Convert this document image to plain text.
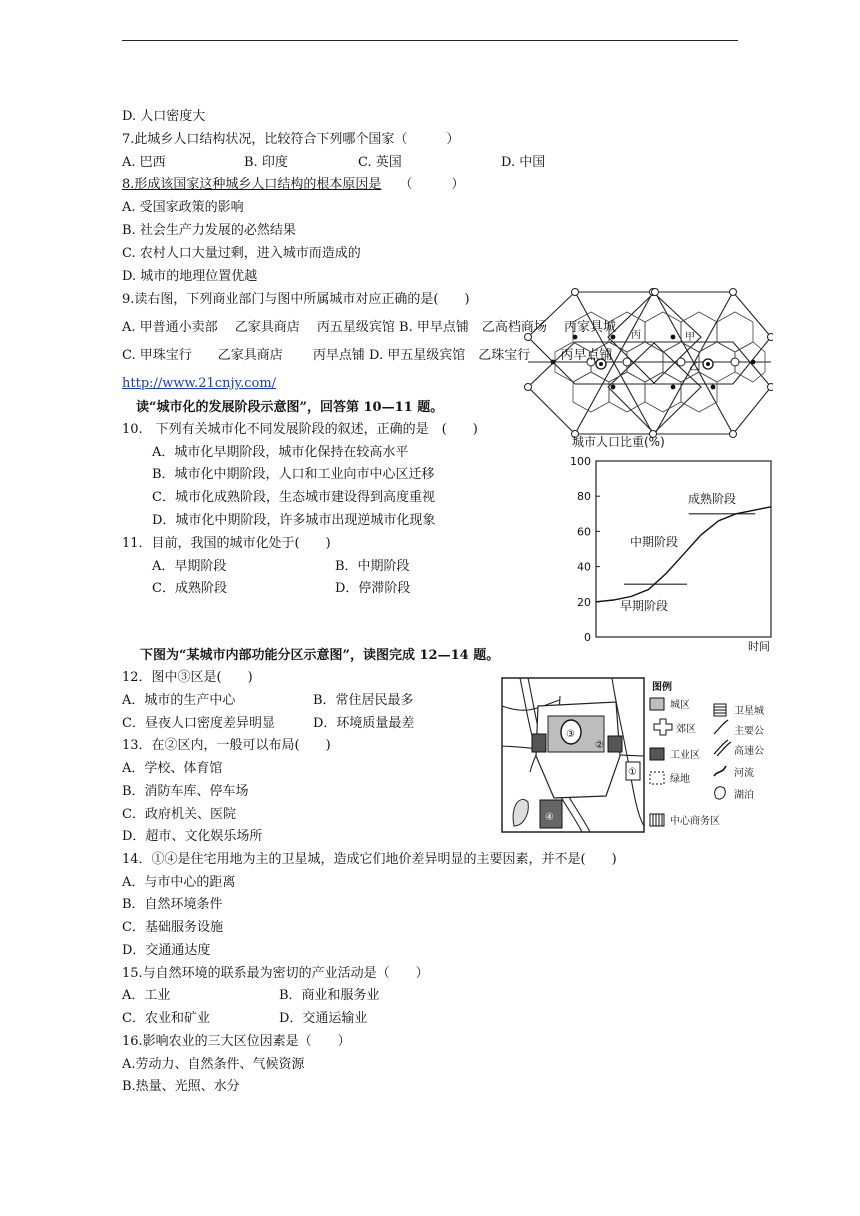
D. 人口密度大
7.此城乡人口结构状况，比较符合下列哪个国家（　　　）
A. 巴西	B. 印度	C. 英国	D. 中国
8.形成该国家这种城乡人口结构的根本原因是 （　　　）
A. 受国家政策的影响
B. 社会生产力发展的必然结果
C. 农村人口大量过剩，进入城市而造成的
D. 城市的地理位置优越
丙	甲
乙
9.读右图，下列商业部门与图中所属城市对应正确的是(　　)
A. 甲普通小卖部　 乙家具商店　 丙五星级宾馆 B. 甲早点铺　乙高档商场　 丙家具城
C. 甲珠宝行　　乙家具商店　　 丙早点铺 D. 甲五星级宾馆　乙珠宝行　　 丙早点铺
http://www.21cnjy.com/
读“城市化的发展阶段示意图”，回答第 10—11 题。
10.　下列有关城市化不同发展阶段的叙述，正确的是　(　　)
A．城市化早期阶段，城市化保持在较高水平
B．城市化中期阶段，人口和工业向市中心区迁移
C．城市化成熟阶段，生态城市建设得到高度重视
D．城市化中期阶段，许多城市出现逆城市化现象
11．目前，我国的城市化处于(　　)
A．早期阶段	B．中期阶段
C．成熟阶段	D．停滞阶段
城市人口比重(%)
0
20
40
60
80
100
成熟阶段
中期阶段
早期阶段
时间
下图为“某城市内部功能分区示意图”，读图完成 12—14 题。
③
②
①
④
图例
城区
郊区
工业区
绿地
中心商务区
卫星城
主要公
高速公
河流
湖泊
12．图中③区是(　　)
A．城市的生产中心	B．常住居民最多
C．昼夜人口密度差异明显	D．环境质量最差
13．在②区内，一般可以布局(　　)
A．学校、体育馆
B．消防车库、停车场
C．政府机关、医院
D．超市、文化娱乐场所
14．①④是住宅用地为主的卫星城，造成它们地价差异明显的主要因素，并不是(　　)
A．与市中心的距离
B．自然环境条件
C．基础服务设施
D．交通通达度
15.与自然环境的联系最为密切的产业活动是（　　）
A．工业	B．商业和服务业
C．农业和矿业	D．交通运输业
16.影响农业的三大区位因素是（　　）
A.劳动力、自然条件、气候资源
B.热量、光照、水分
